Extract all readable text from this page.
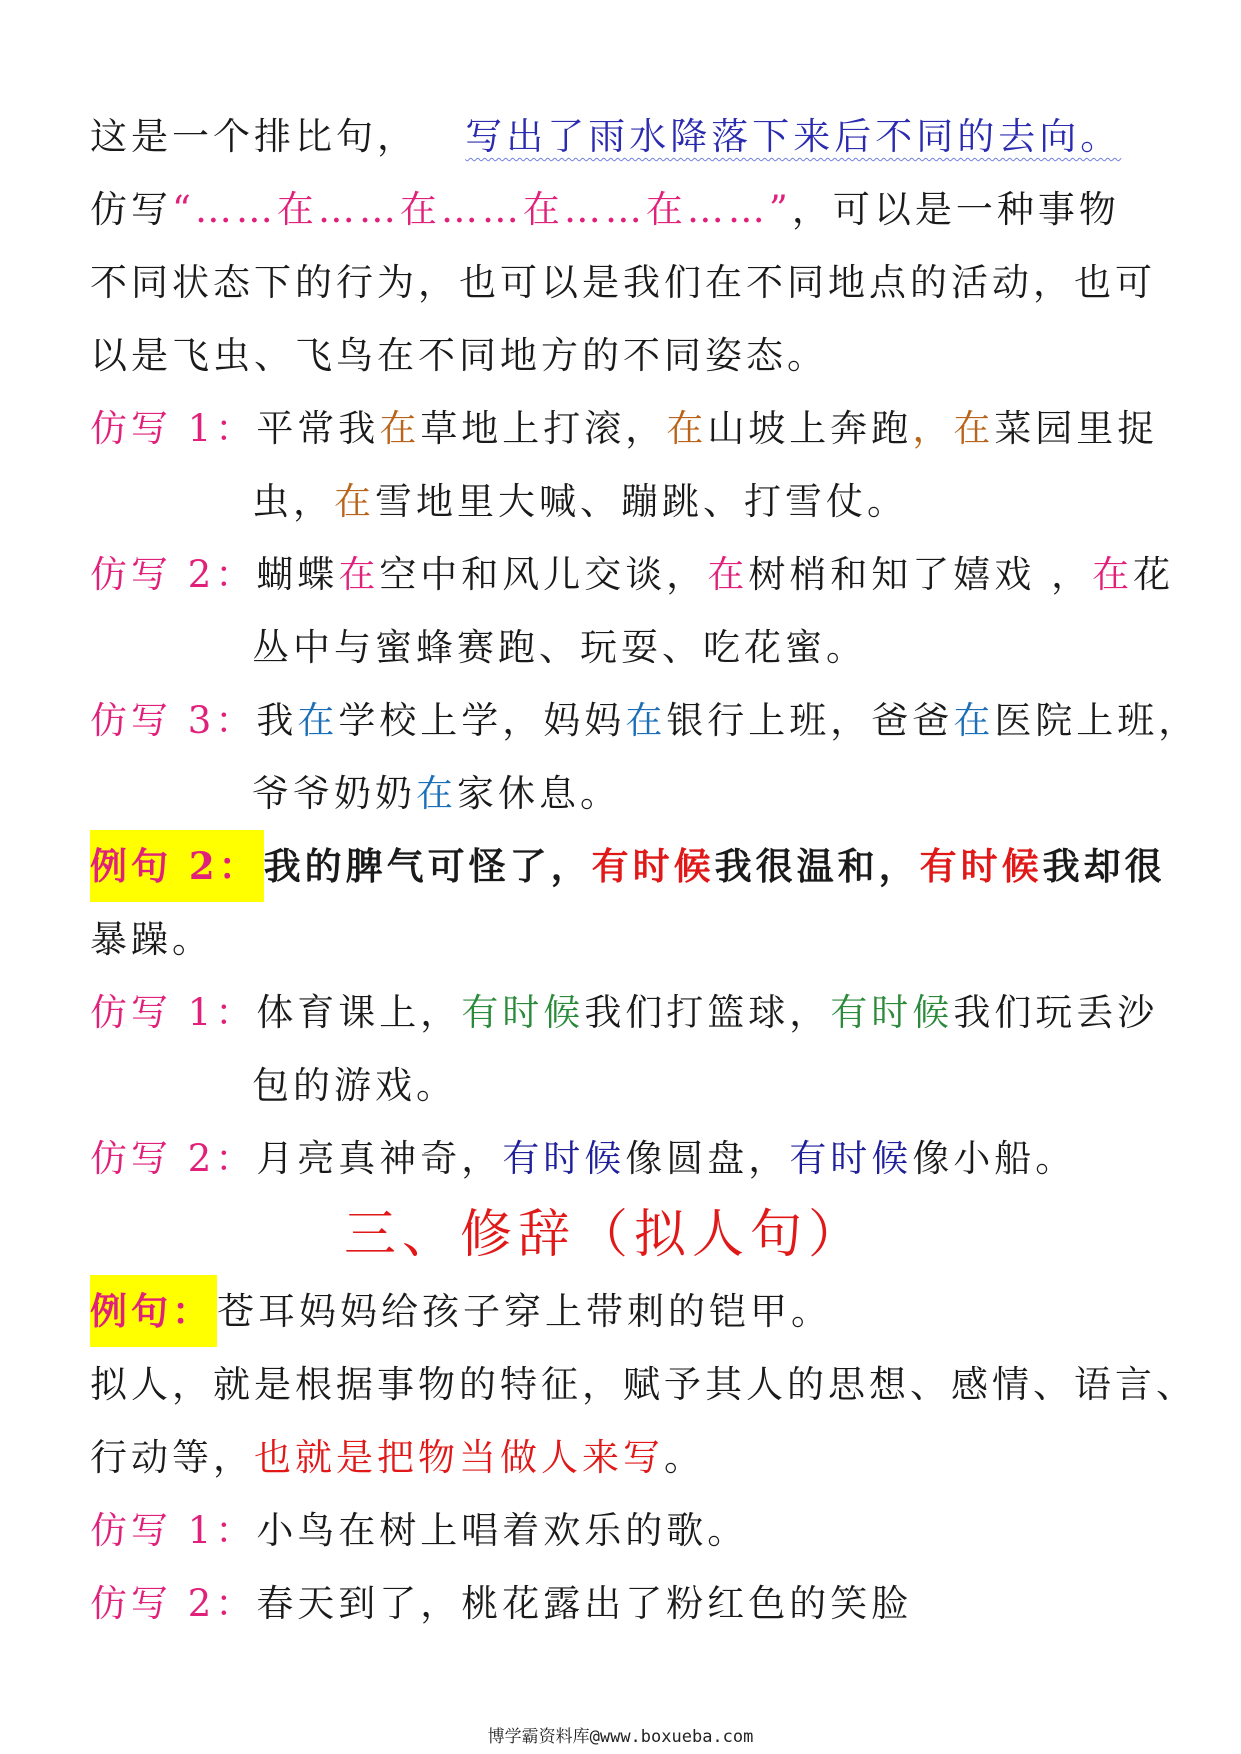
这是一个排比句， 写出了雨水降落下来后不同的去向。
仿写“……在……在……在……在……”，可以是一种事物
不同状态下的行为，也可以是我们在不同地点的活动，也可
以是飞虫、飞鸟在不同地方的不同姿态。
仿写 1：平常我在草地上打滚，在山坡上奔跑，在菜园里捉
虫，在雪地里大喊、蹦跳、打雪仗。
仿写 2：蝴蝶在空中和风儿交谈，在树梢和知了嬉戏 ，在花
丛中与蜜蜂赛跑、玩耍、吃花蜜。
仿写 3：我在学校上学，妈妈在银行上班，爸爸在医院上班，
爷爷奶奶在家休息。
例句 2： 我的脾气可怪了，有时候我很温和，有时候我却很
暴躁。
仿写 1：体育课上，有时候我们打篮球，有时候我们玩丢沙
包的游戏。
仿写 2：月亮真神奇，有时候像圆盘，有时候像小船。
三、修辞（拟人句）
例句： 苍耳妈妈给孩子穿上带刺的铠甲。
拟人，就是根据事物的特征，赋予其人的思想、感情、语言、
行动等，也就是把物当做人来写。
仿写 1：小鸟在树上唱着欢乐的歌。
仿写 2：春天到了，桃花露出了粉红色的笑脸
博学霸资料库@www.boxueba.com
